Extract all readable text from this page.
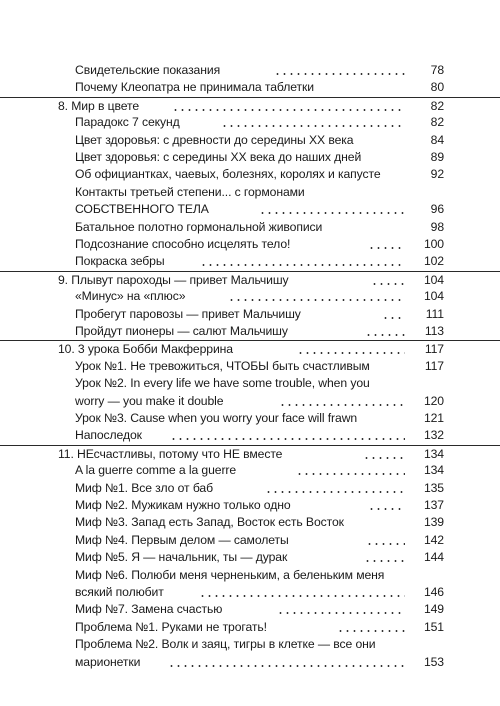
Свидетельские показания	78
Почему Клеопатра не принимала таблетки	80
8. Мир в цвете	82
Парадокс 7 секунд	82
Цвет здоровья: с древности до середины XX века	84
Цвет здоровья: с середины XX века до наших дней	89
Об официантках, чаевых, болезнях, королях и капусте	92
Контакты третьей степени... с гормонами
СОБСТВЕННОГО ТЕЛА	96
Батальное полотно гормональной живописи	98
Подсознание способно исцелять тело!	100
Покраска зебры	102
9. Плывут пароходы — привет Мальчишу	104
«Минус» на «плюс»	104
Пробегут паровозы — привет Мальчишу	111
Пройдут пионеры — салют Мальчишу	113
10. 3 урока Бобби Макферрина	117
Урок №1. Не тревожиться, ЧТОБЫ быть счастливым	117
Урок №2. In every life we have some trouble, when you
worry — you make it double	120
Урок №3. Cause when you worry your face will frawn	121
Напоследок	132
11. НЕсчастливы, потому что НЕ вместе	134
A la guerre comme a la guerre	134
Миф №1. Все зло от баб	135
Миф №2. Мужикам нужно только одно	137
Миф №3. Запад есть Запад, Восток есть Восток	139
Миф №4. Первым делом — самолеты	142
Миф №5. Я — начальник, ты — дурак	144
Миф №6. Полюби меня черненьким, а беленьким меня
всякий полюбит	146
Миф №7. Замена счастью	149
Проблема №1. Руками не трогать!	151
Проблема №2. Волк и заяц, тигры в клетке — все они
марионетки	153
